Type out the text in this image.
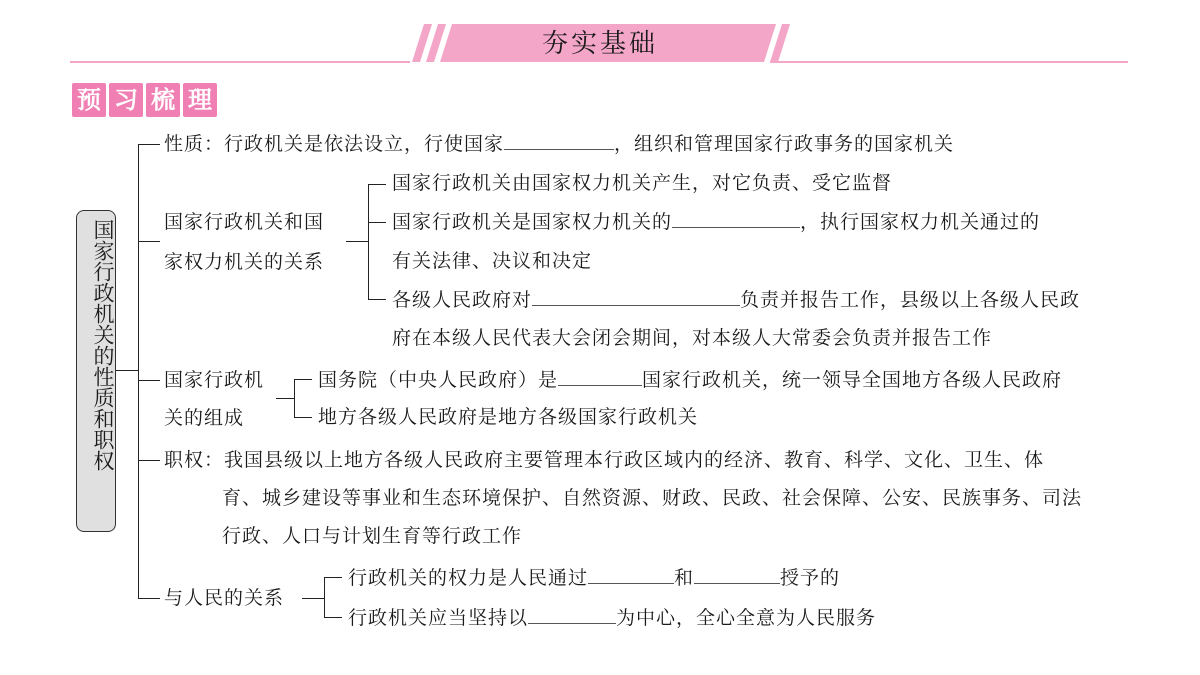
夯实基础
预 习 梳 理
国家行政机关的性质和职权
性质：行政机关是依法设立，行使国家	，组织和管理国家行政事务的国家机关
国家行政机关和国
家权力机关的关系
国家行政机关由国家权力机关产生，对它负责、受它监督
国家行政机关是国家权力机关的	，执行国家权力机关通过的
有关法律、决议和决定
各级人民政府对	负责并报告工作，县级以上各级人民政
府在本级人民代表大会闭会期间，对本级人大常委会负责并报告工作
国家行政机
关的组成
国务院（中央人民政府）是	国家行政机关，统一领导全国地方各级人民政府
地方各级人民政府是地方各级国家行政机关
职权：我国县级以上地方各级人民政府主要管理本行政区域内的经济、教育、科学、文化、卫生、体
育、城乡建设等事业和生态环境保护、自然资源、财政、民政、社会保障、公安、民族事务、司法
行政、人口与计划生育等行政工作
与人民的关系
行政机关的权力是人民通过	和	授予的
行政机关应当坚持以	为中心，全心全意为人民服务
